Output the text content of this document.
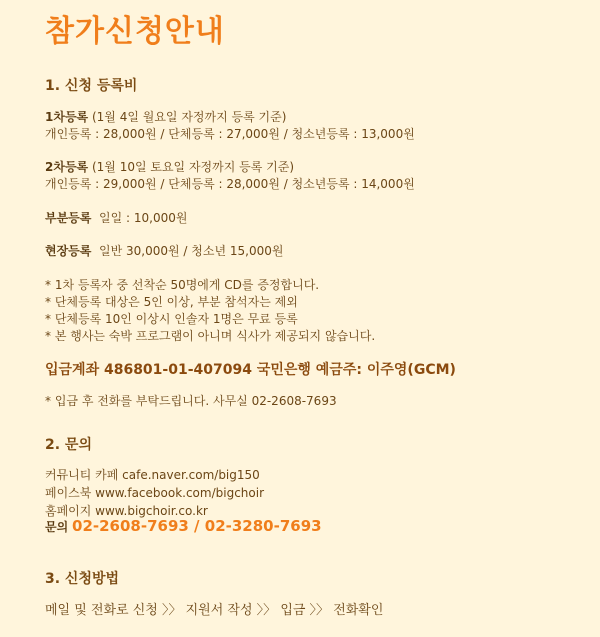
참가신청안내
1. 신청 등록비
1차등록 (1월 4일 월요일 자정까지 등록 기준)
개인등록 : 28,000원 / 단체등록 : 27,000원 / 청소년등록 : 13,000원
2차등록 (1월 10일 토요일 자정까지 등록 기준)
개인등록 : 29,000원 / 단체등록 : 28,000원 / 청소년등록 : 14,000원
부분등록 일일 : 10,000원
현장등록 일반 30,000원 / 청소년 15,000원
* 1차 등록자 중 선착순 50명에게 CD를 증정합니다.
* 단체등록 대상은 5인 이상, 부분 참석자는 제외
* 단체등록 10인 이상시 인솔자 1명은 무료 등록
* 본 행사는 숙박 프로그램이 아니며 식사가 제공되지 않습니다.
입금계좌 486801-01-407094 국민은행 예금주: 이주영(GCM)
* 입금 후 전화를 부탁드립니다. 사무실 02-2608-7693
2. 문의
커뮤니티 카페 cafe.naver.com/big150
페이스북 www.facebook.com/bigchoir
홈페이지 www.bigchoir.co.kr
문의 02-2608-7693 / 02-3280-7693
3. 신청방법
메일 및 전화로 신청 〉〉 지원서 작성 〉〉 입금 〉〉 전화확인
